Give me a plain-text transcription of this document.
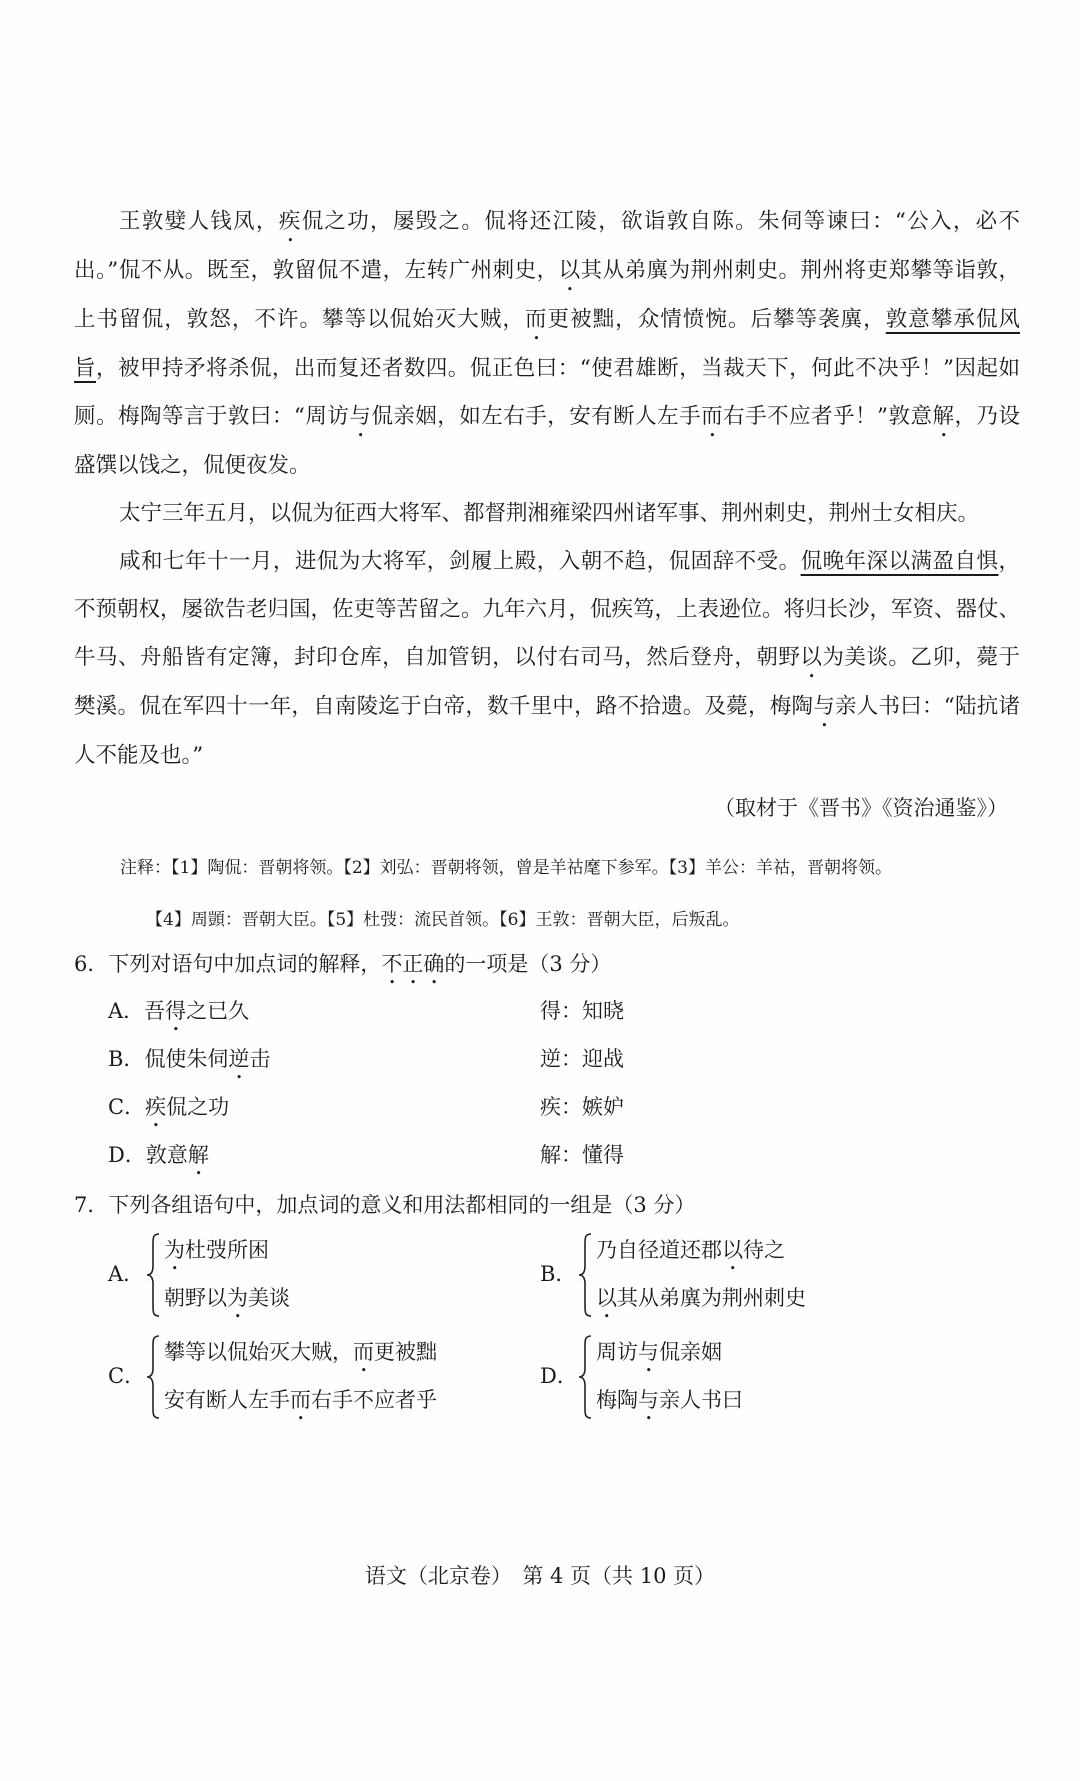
王敦嬖人钱凤，疾侃之功，屡毁之。侃将还江陵，欲诣敦自陈。朱伺等谏曰：“公入，必不出。”侃不从。既至，敦留侃不遣，左转广州刺史，以其从弟廙为荆州刺史。荆州将吏郑攀等诣敦，上书留侃，敦怒，不许。攀等以侃始灭大贼，而更被黜，众情愤惋。后攀等袭廙，敦意攀承侃风旨，被甲持矛将杀侃，出而复还者数四。侃正色曰：“使君雄断，当裁天下，何此不决乎！”因起如厕。梅陶等言于敦曰：“周访与侃亲姻，如左右手，安有断人左手而右手不应者乎！”敦意解，乃设盛馔以饯之，侃便夜发。

太宁三年五月，以侃为征西大将军、都督荆湘雍梁四州诸军事、荆州刺史，荆州士女相庆。

咸和七年十一月，进侃为大将军，剑履上殿，入朝不趋，侃固辞不受。侃晚年深以满盈自惧，不预朝权，屡欲告老归国，佐吏等苦留之。九年六月，侃疾笃，上表逊位。将归长沙，军资、器仗、牛马、舟船皆有定簿，封印仓库，自加管钥，以付右司马，然后登舟，朝野以为美谈。乙卯，薨于樊溪。侃在军四十一年，自南陵迄于白帝，数千里中，路不拾遗。及薨，梅陶与亲人书曰：“陆抗诸人不能及也。”

（取材于《晋书》《资治通鉴》）
注释：【1】陶侃：晋朝将领。【2】刘弘：晋朝将领，曾是羊祜麾下参军。【3】羊公：羊祜，晋朝将领。
【4】周顗：晋朝大臣。【5】杜弢：流民首领。【6】王敦：晋朝大臣，后叛乱。
6．下列对语句中加点词的解释，不正确的一项是（3 分）
A．吾得之已久	得：知晓
B．侃使朱伺逆击	逆：迎战
C．疾侃之功	疾：嫉妒
D．敦意解	解：懂得
7．下列各组语句中，加点词的意义和用法都相同的一组是（3 分）
A．
为杜弢所困
朝野以为美谈
B．
乃自径道还郡以待之
以其从弟廙为荆州刺史
C．
攀等以侃始灭大贼，而更被黜
安有断人左手而右手不应者乎
D．
周访与侃亲姻
梅陶与亲人书曰
语文（北京卷）　第 4 页（共 10 页）
